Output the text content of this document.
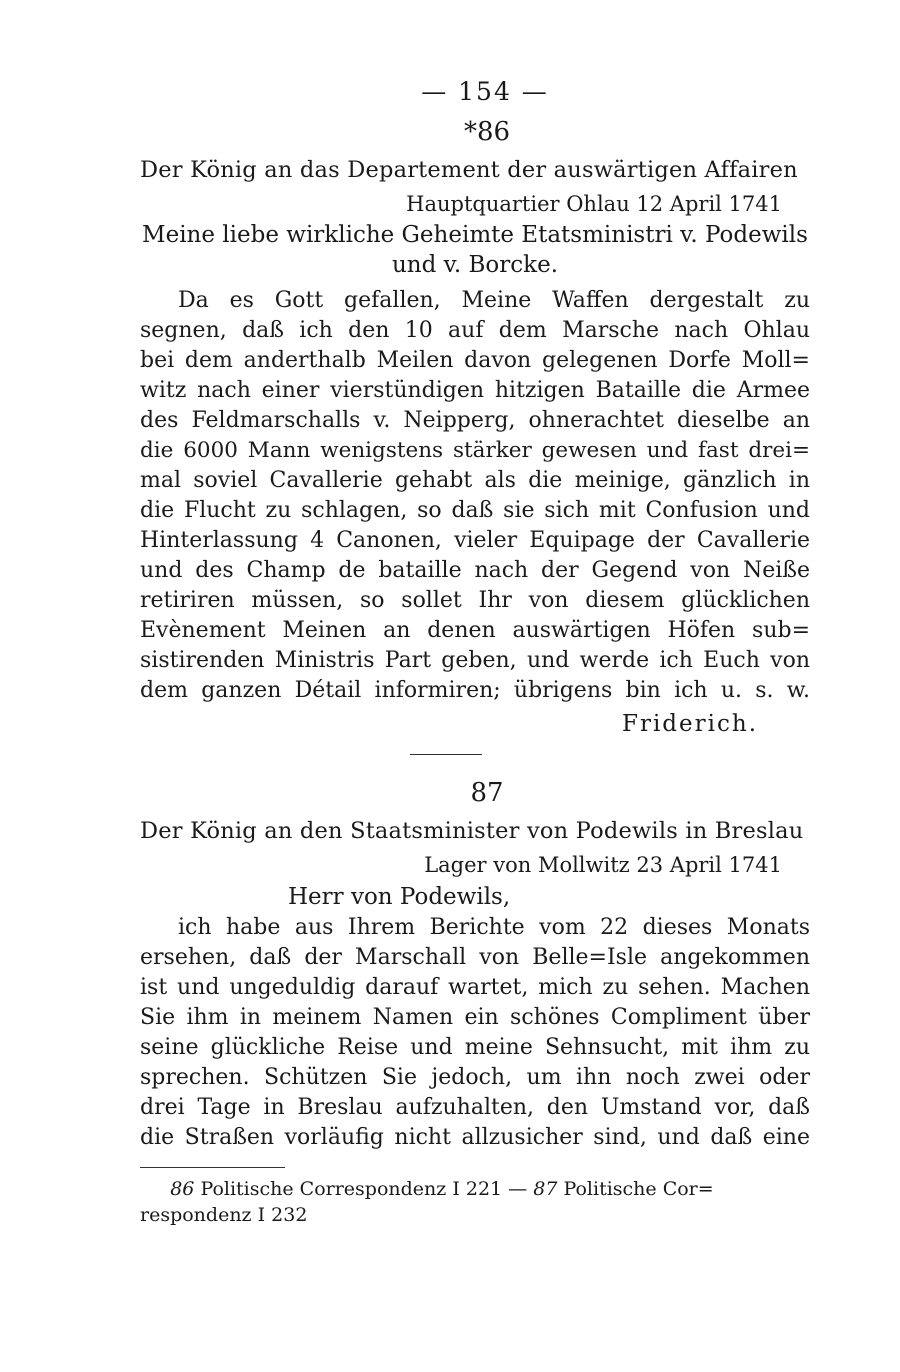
— 154 —
*86
Der König an das Departement der auswärtigen Affairen
Hauptquartier Ohlau 12 April 1741
Meine liebe wirkliche Geheimte Etatsministri v. Podewils
und v. Borcke.
Da es Gott gefallen, Meine Waffen dergestalt zu
segnen, daß ich den 10 auf dem Marsche nach Ohlau
bei dem anderthalb Meilen davon gelegenen Dorfe Moll=
witz nach einer vierstündigen hitzigen Bataille die Armee
des Feldmarschalls v. Neipperg, ohnerachtet dieselbe an
die 6000 Mann wenigstens stärker gewesen und fast drei=
mal soviel Cavallerie gehabt als die meinige, gänzlich in
die Flucht zu schlagen, so daß sie sich mit Confusion und
Hinterlassung 4 Canonen, vieler Equipage der Cavallerie
und des Champ de bataille nach der Gegend von Neiße
retiriren müssen, so sollet Ihr von diesem glücklichen
Evènement Meinen an denen auswärtigen Höfen sub=
sistirenden Ministris Part geben, und werde ich Euch von
dem ganzen Détail informiren; übrigens bin ich u. s. w.
Friderich.
87
Der König an den Staatsminister von Podewils in Breslau
Lager von Mollwitz 23 April 1741
Herr von Podewils,
ich habe aus Ihrem Berichte vom 22 dieses Monats
ersehen, daß der Marschall von Belle=Isle angekommen
ist und ungeduldig darauf wartet, mich zu sehen. Machen
Sie ihm in meinem Namen ein schönes Compliment über
seine glückliche Reise und meine Sehnsucht, mit ihm zu
sprechen. Schützen Sie jedoch, um ihn noch zwei oder
drei Tage in Breslau aufzuhalten, den Umstand vor, daß
die Straßen vorläufig nicht allzusicher sind, und daß eine
86 Politische Correspondenz I 221 — 87 Politische Cor=
respondenz I 232
